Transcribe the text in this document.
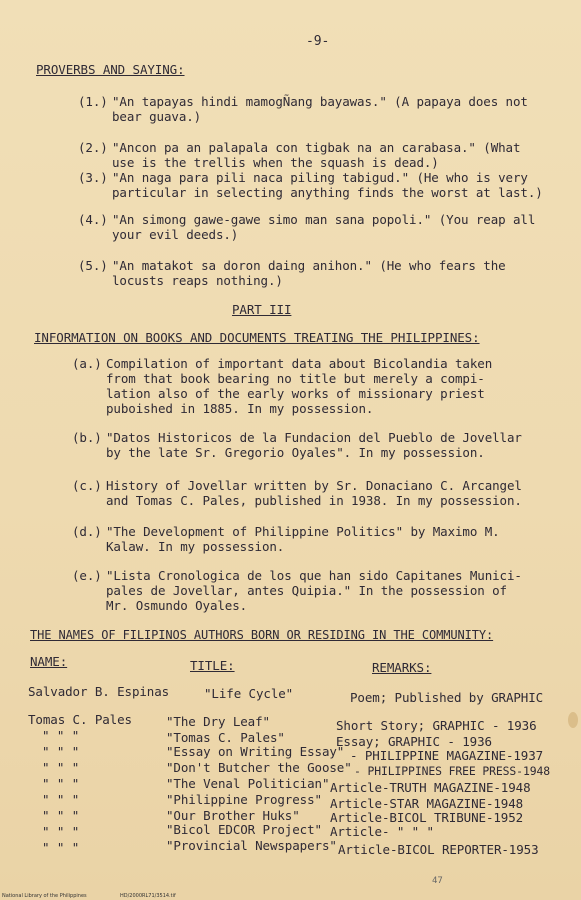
-9-
PROVERBS AND SAYING:
(1.) "An tapayas hindi mamogÑang bayawas." (A papaya does not
bear guava.)
(2.) "Ancon pa an palapala con tigbak na an carabasa." (What
use is the trellis when the squash is dead.)
(3.) "An naga para pili naca piling tabigud." (He who is very
particular in selecting anything finds the worst at last.)
(4.) "An simong gawe-gawe simo man sana popoli." (You reap all
your evil deeds.)
(5.) "An matakot sa doron daing anihon." (He who fears the
locusts reaps nothing.)
PART III
INFORMATION ON BOOKS AND DOCUMENTS TREATING THE PHILIPPINES:
(a.) Compilation of important data about Bicolandia taken
from that book bearing no title but merely a compi-
lation also of the early works of missionary priest
puboished in 1885. In my possession.
(b.) "Datos Historicos de la Fundacion del Pueblo de Jovellar
by the late Sr. Gregorio Oyales". In my possession.
(c.) History of Jovellar written by Sr. Donaciano C. Arcangel
and Tomas C. Pales, published in 1938. In my possession.
(d.) "The Development of Philippine Politics" by Maximo M.
Kalaw. In my possession.
(e.) "Lista Cronologica de los que han sido Capitanes Munici-
pales de Jovellar, antes Quipia." In the possession of
Mr. Osmundo Oyales.
THE NAMES OF FILIPINOS AUTHORS BORN OR RESIDING IN THE COMMUNITY:
NAME:	TITLE:	REMARKS:
Salvador B. Espinas	"Life Cycle"	Poem; Published by GRAPHIC
Tomas C. Pales	"The Dry Leaf"	Short Story; GRAPHIC - 1936
" " "	"Tomas C. Pales"	Essay; GRAPHIC - 1936
" " "	"Essay on Writing Essay" - PHILIPPINE MAGAZINE-1937
" " "	"Don't Butcher the Goose" - PHILIPPINES FREE PRESS-1948
" " "	"The Venal Politician" Article-TRUTH MAGAZINE-1948
" " "	"Philippine Progress" Article-STAR MAGAZINE-1948
" " "	"Our Brother Huks" Article-BICOL TRIBUNE-1952
" " "	"Bicol EDCOR Project" Article- " " "
" " "	"Provincial Newspapers" Article-BICOL REPORTER-1953
47
National Library of the Philippines	HD/2000RL71/3514.tif
